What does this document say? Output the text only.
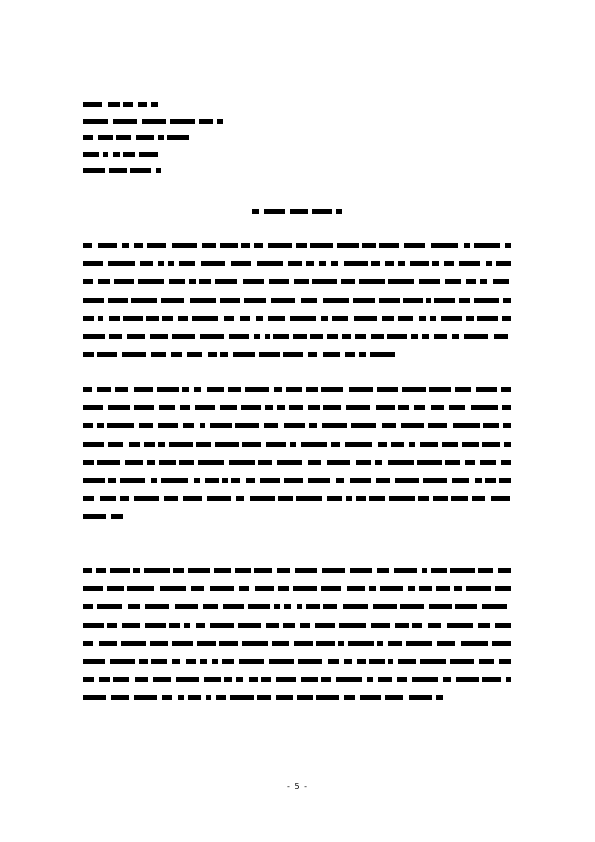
- 5 -
